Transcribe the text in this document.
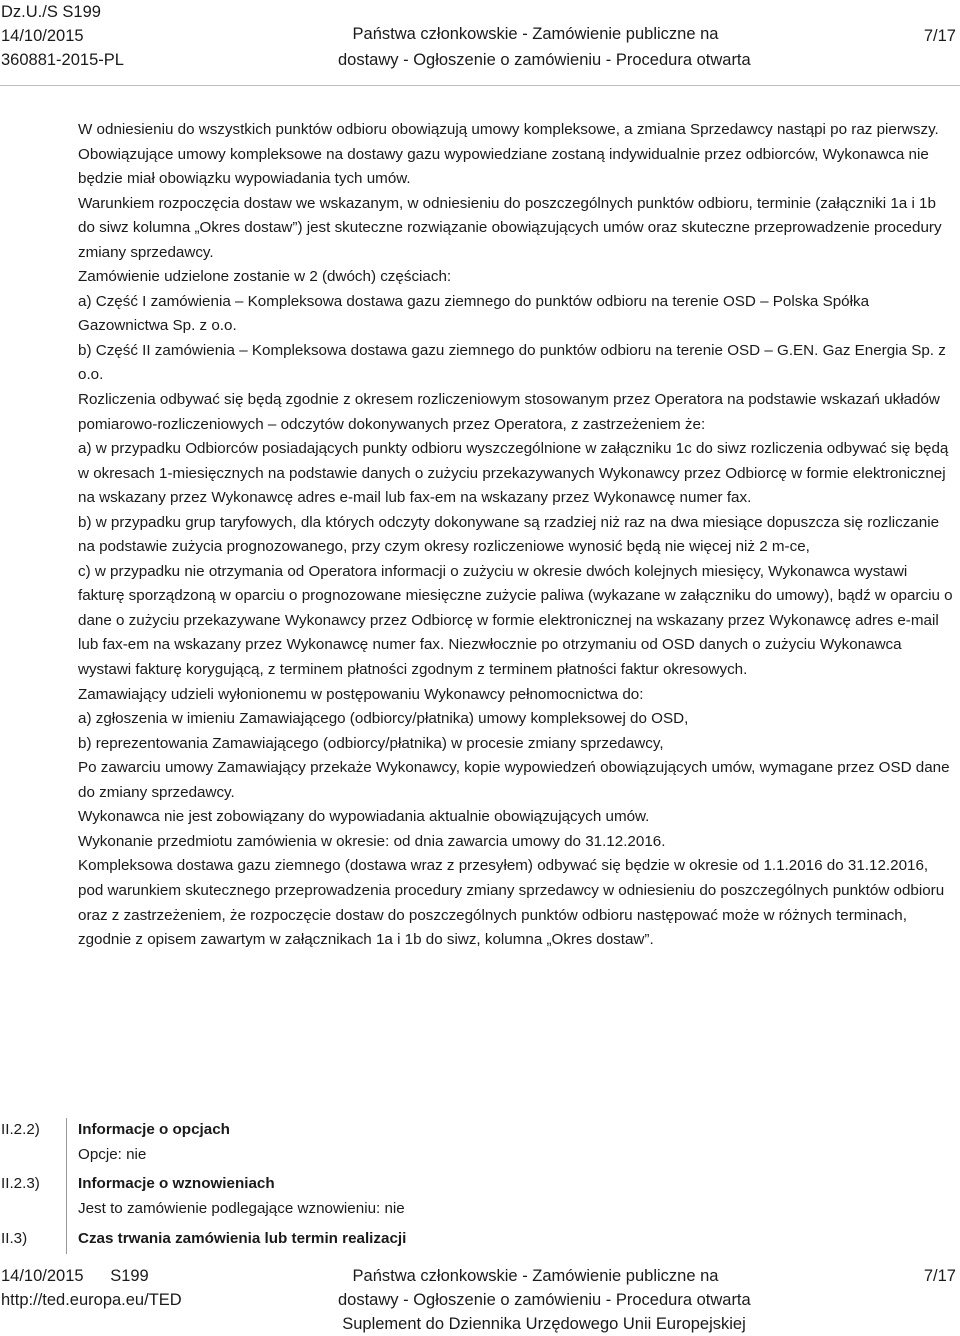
Dz.U./S S199
14/10/2015
360881-2015-PL
Państwa członkowskie - Zamówienie publiczne na
dostawy - Ogłoszenie o zamówieniu - Procedura otwarta
7/17

W odniesieniu do wszystkich punktów odbioru obowiązują umowy kompleksowe, a zmiana Sprzedawcy nastąpi po raz pierwszy.

Obowiązujące umowy kompleksowe na dostawy gazu wypowiedziane zostaną indywidualnie przez odbiorców, Wykonawca nie będzie miał obowiązku wypowiadania tych umów.

Warunkiem rozpoczęcia dostaw we wskazanym, w odniesieniu do poszczególnych punktów odbioru, terminie (załączniki 1a i 1b do siwz kolumna „Okres dostaw”) jest skuteczne rozwiązanie obowiązujących umów oraz skuteczne przeprowadzenie procedury zmiany sprzedawcy.

Zamówienie udzielone zostanie w 2 (dwóch) częściach:

a) Część I zamówienia – Kompleksowa dostawa gazu ziemnego do punktów odbioru na terenie OSD – Polska Spółka Gazownictwa Sp. z o.o.

b) Część II zamówienia – Kompleksowa dostawa gazu ziemnego do punktów odbioru na terenie OSD – G.EN. Gaz Energia Sp. z o.o.

Rozliczenia odbywać się będą zgodnie z okresem rozliczeniowym stosowanym przez Operatora na podstawie wskazań układów pomiarowo-rozliczeniowych – odczytów dokonywanych przez Operatora, z zastrzeżeniem że:

a) w przypadku Odbiorców posiadających punkty odbioru wyszczególnione w załączniku 1c do siwz rozliczenia odbywać się będą w okresach 1-miesięcznych na podstawie danych o zużyciu przekazywanych Wykonawcy przez Odbiorcę w formie elektronicznej na wskazany przez Wykonawcę adres e-mail lub fax-em na wskazany przez Wykonawcę numer fax.

b) w przypadku grup taryfowych, dla których odczyty dokonywane są rzadziej niż raz na dwa miesiące dopuszcza się rozliczanie na podstawie zużycia prognozowanego, przy czym okresy rozliczeniowe wynosić będą nie więcej niż 2 m-ce,

c) w przypadku nie otrzymania od Operatora informacji o zużyciu w okresie dwóch kolejnych miesięcy, Wykonawca wystawi fakturę sporządzoną w oparciu o prognozowane miesięczne zużycie paliwa (wykazane w załączniku do umowy), bądź w oparciu o dane o zużyciu przekazywane Wykonawcy przez Odbiorcę w formie elektronicznej na wskazany przez Wykonawcę adres e-mail lub fax-em na wskazany przez Wykonawcę numer fax. Niezwłocznie po otrzymaniu od OSD danych o zużyciu Wykonawca wystawi fakturę korygującą, z terminem płatności zgodnym z terminem płatności faktur okresowych.

Zamawiający udzieli wyłonionemu w postępowaniu Wykonawcy pełnomocnictwa do:

a) zgłoszenia w imieniu Zamawiającego (odbiorcy/płatnika) umowy kompleksowej do OSD,

b) reprezentowania Zamawiającego (odbiorcy/płatnika) w procesie zmiany sprzedawcy,

Po zawarciu umowy Zamawiający przekaże Wykonawcy, kopie wypowiedzeń obowiązujących umów, wymagane przez OSD dane do zmiany sprzedawcy.

Wykonawca nie jest zobowiązany do wypowiadania aktualnie obowiązujących umów.

Wykonanie przedmiotu zamówienia w okresie: od dnia zawarcia umowy do 31.12.2016.

Kompleksowa dostawa gazu ziemnego (dostawa wraz z przesyłem) odbywać się będzie w okresie od 1.1.2016 do 31.12.2016, pod warunkiem skutecznego przeprowadzenia procedury zmiany sprzedawcy w odniesieniu do poszczególnych punktów odbioru oraz z zastrzeżeniem, że rozpoczęcie dostaw do poszczególnych punktów odbioru następować może w różnych terminach, zgodnie z opisem zawartym w załącznikach 1a i 1b do siwz, kolumna „Okres dostaw”.

II.2.2)	Informacje o opcjach
Opcje: nie
II.2.3)	Informacje o wznowieniach
Jest to zamówienie podlegające wznowieniu: nie
II.3)	Czas trwania zamówienia lub termin realizacji
14/10/2015 S199
http://ted.europa.eu/TED
Państwa członkowskie - Zamówienie publiczne na
dostawy - Ogłoszenie o zamówieniu - Procedura otwarta
Suplement do Dziennika Urzędowego Unii Europejskiej
7/17
